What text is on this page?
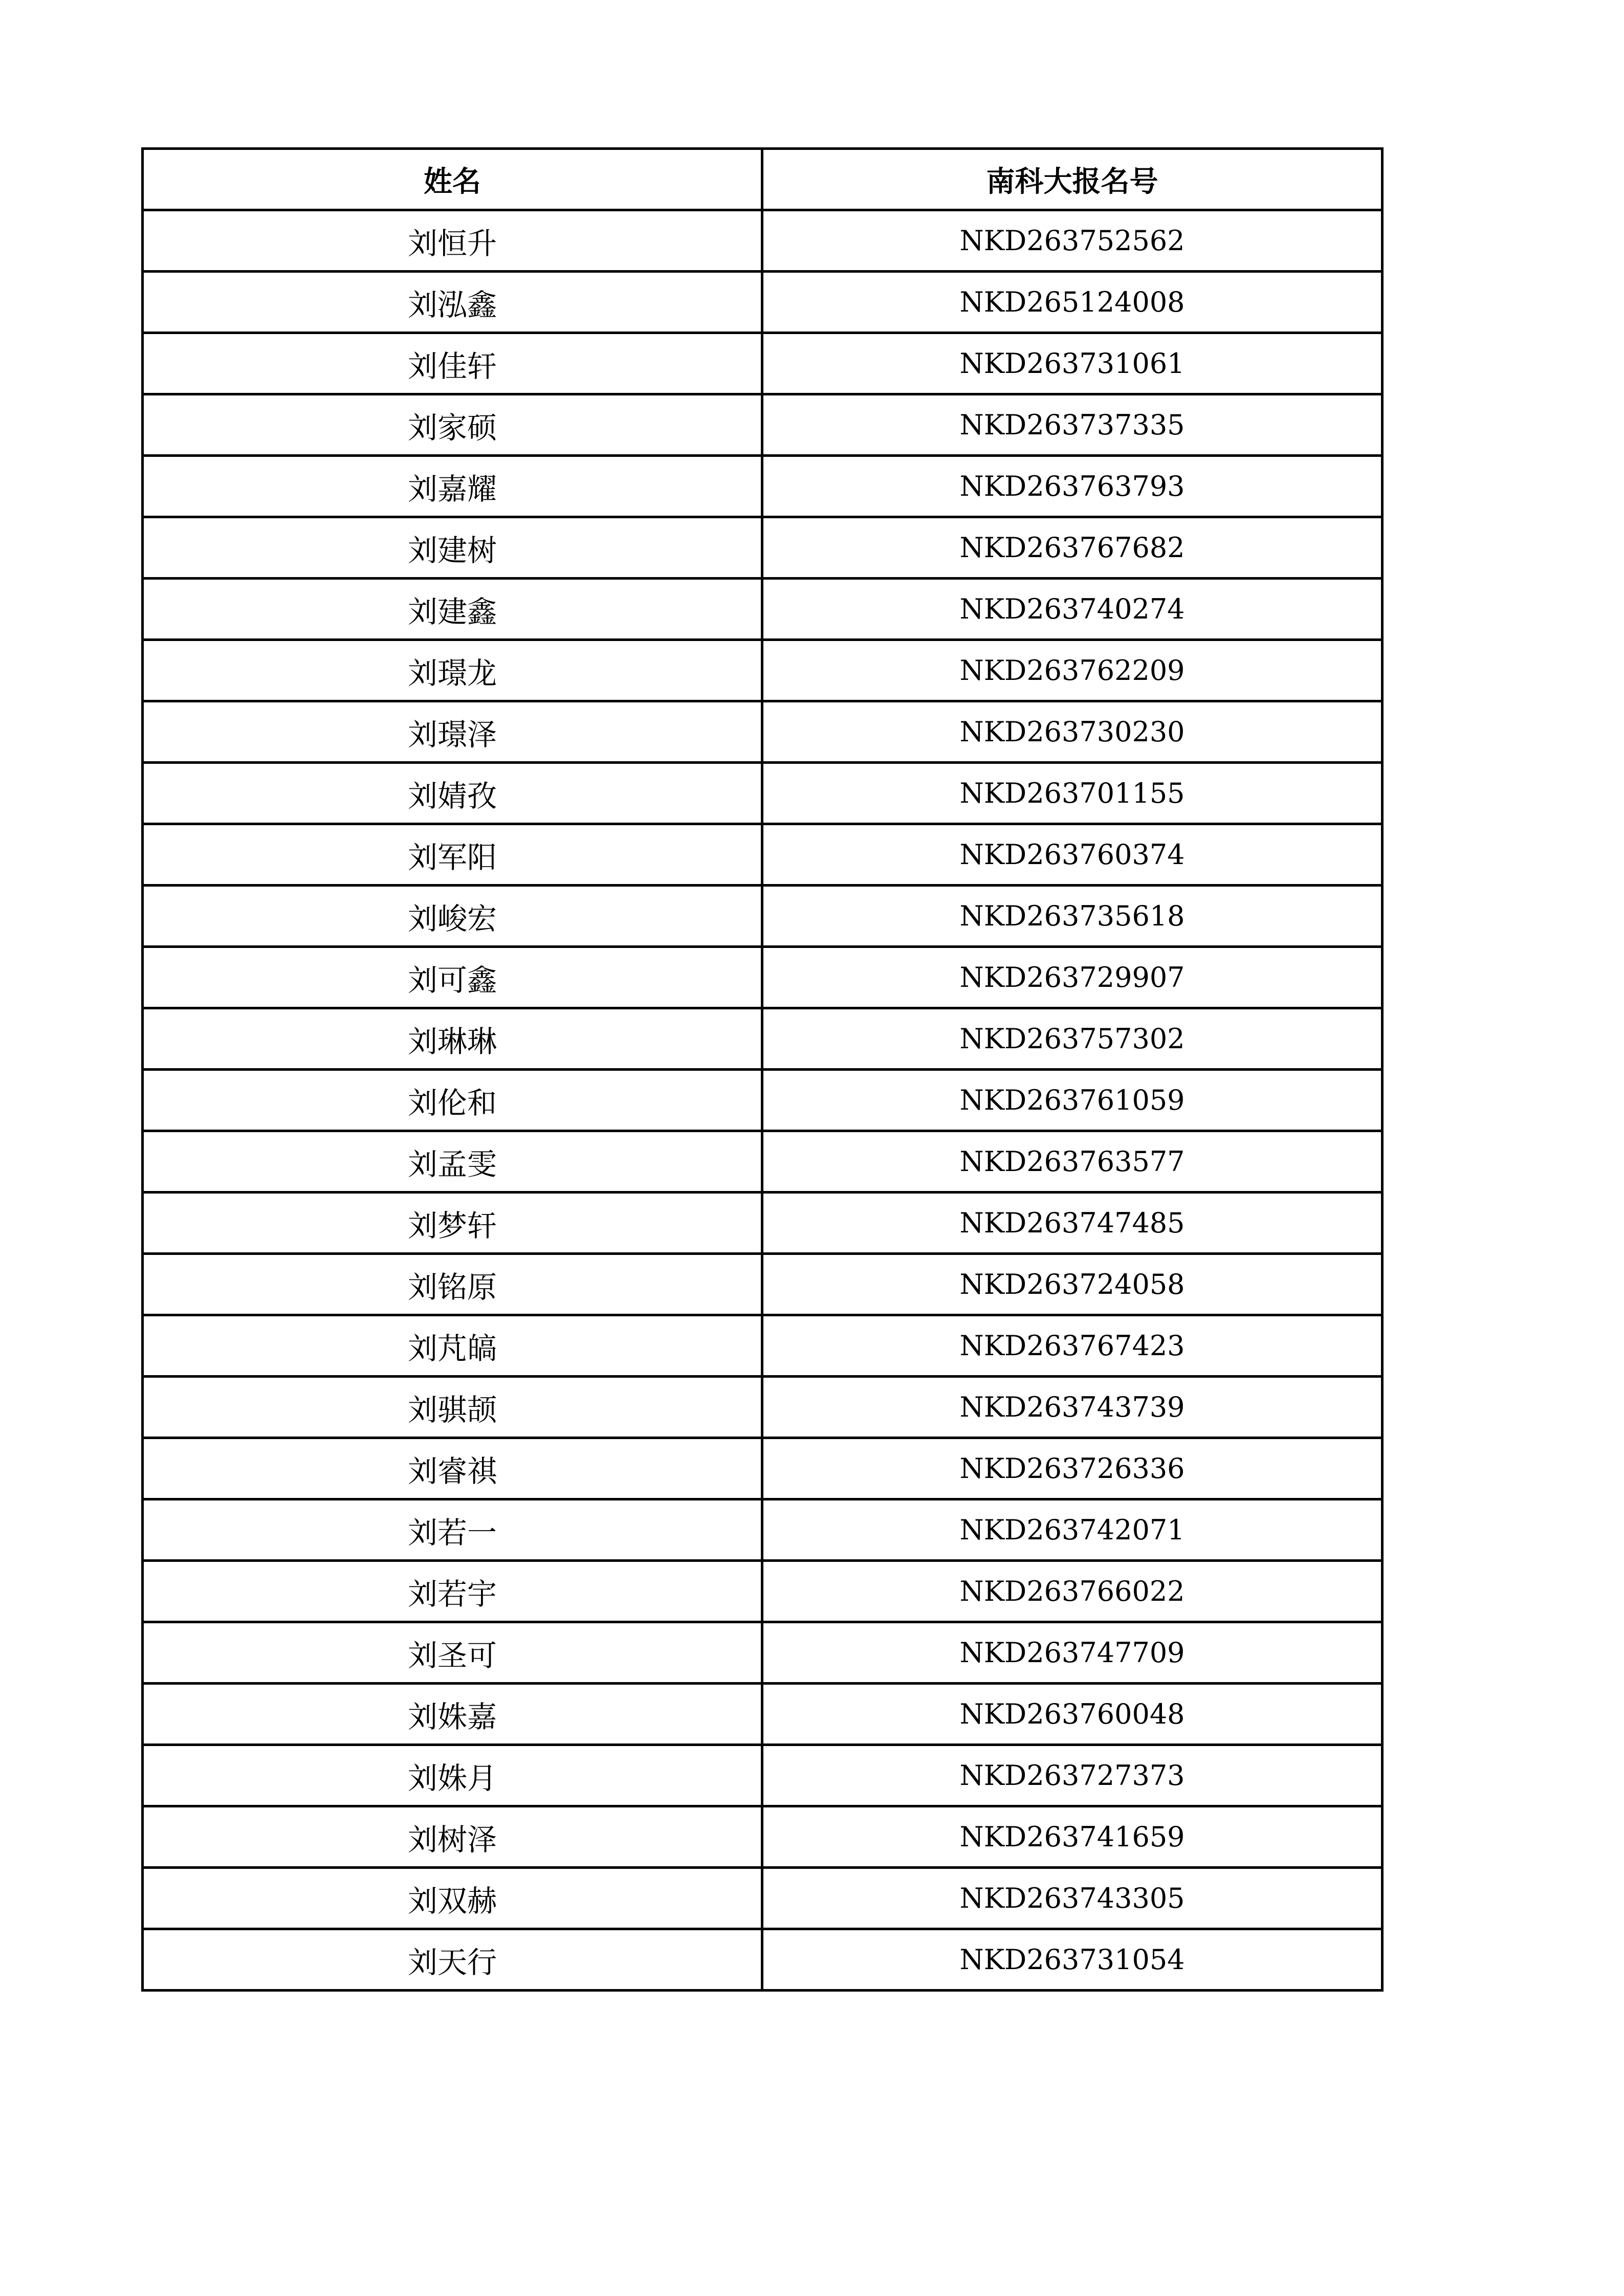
姓名	南科大报名号
刘恒升	NKD263752562
刘泓鑫	NKD265124008
刘佳轩	NKD263731061
刘家硕	NKD263737335
刘嘉耀	NKD263763793
刘建树	NKD263767682
刘建鑫	NKD263740274
刘璟龙	NKD263762209
刘璟泽	NKD263730230
刘婧孜	NKD263701155
刘军阳	NKD263760374
刘峻宏	NKD263735618
刘可鑫	NKD263729907
刘琳琳	NKD263757302
刘伦和	NKD263761059
刘孟雯	NKD263763577
刘梦轩	NKD263747485
刘铭原	NKD263724058
刘芃皜	NKD263767423
刘骐颉	NKD263743739
刘睿祺	NKD263726336
刘若一	NKD263742071
刘若宇	NKD263766022
刘圣可	NKD263747709
刘姝嘉	NKD263760048
刘姝月	NKD263727373
刘树泽	NKD263741659
刘双赫	NKD263743305
刘天行	NKD263731054
